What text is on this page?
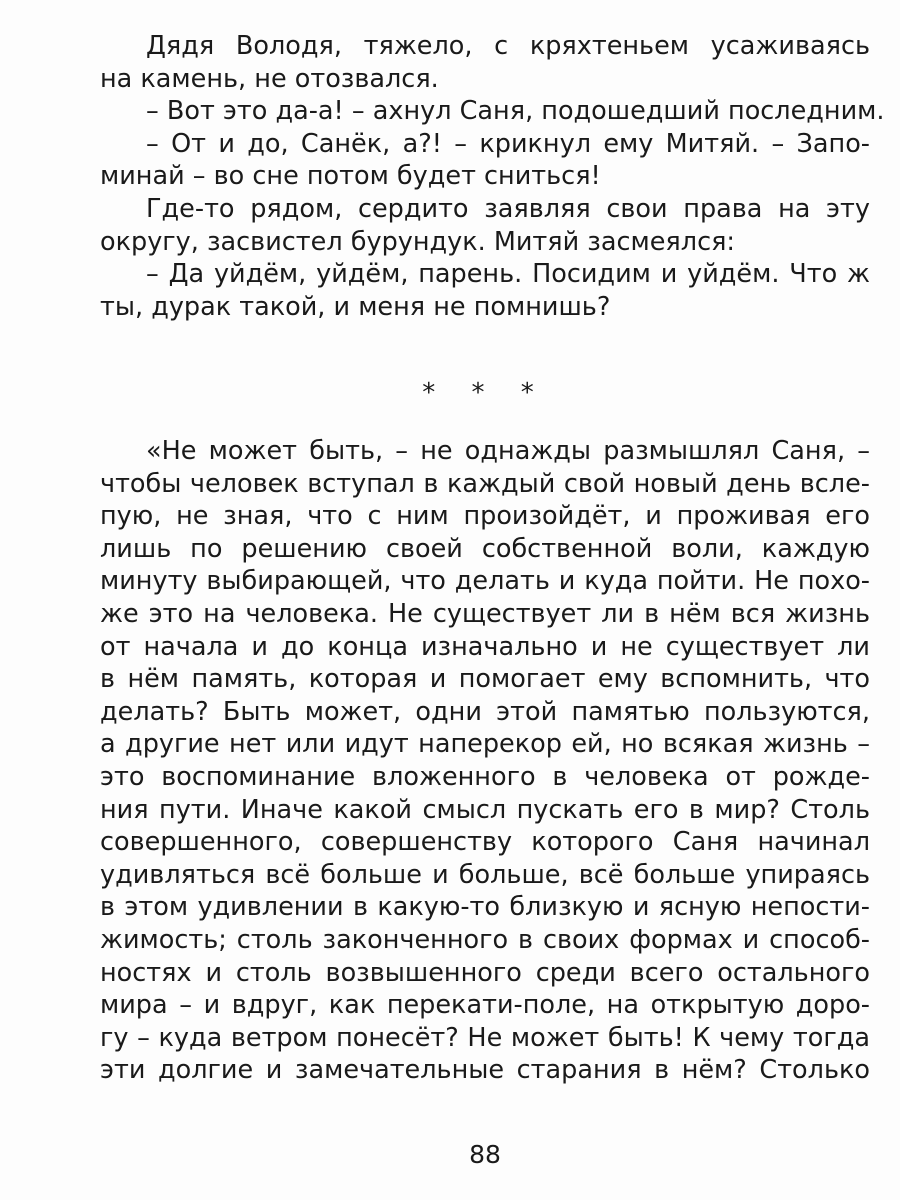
Дядя Володя, тяжело, с кряхтеньем усаживаясь
на камень, не отозвался.
– Вот это да-а! – ахнул Саня, подошедший последним.
– От и до, Санёк, а?! – крикнул ему Митяй. – Запо-
минай – во сне потом будет сниться!
Где-то рядом, сердито заявляя свои права на эту
округу, засвистел бурундук. Митяй засмеялся:
– Да уйдём, уйдём, парень. Посидим и уйдём. Что ж
ты, дурак такой, и меня не помнишь?
* * *
«Не может быть, – не однажды размышлял Саня, –
чтобы человек вступал в каждый свой новый день всле-
пую, не зная, что с ним произойдёт, и проживая его
лишь по решению своей собственной воли, каждую
минуту выбирающей, что делать и куда пойти. Не похо-
же это на человека. Не существует ли в нём вся жизнь
от начала и до конца изначально и не существует ли
в нём память, которая и помогает ему вспомнить, что
делать? Быть может, одни этой памятью пользуются,
а другие нет или идут наперекор ей, но всякая жизнь –
это воспоминание вложенного в человека от рожде-
ния пути. Иначе какой смысл пускать его в мир? Столь
совершенного, совершенству которого Саня начинал
удивляться всё больше и больше, всё больше упираясь
в этом удивлении в какую-то близкую и ясную непости-
жимость; столь законченного в своих формах и способ-
ностях и столь возвышенного среди всего остального
мира – и вдруг, как перекати-поле, на открытую доро-
гу – куда ветром понесёт? Не может быть! К чему тогда
эти долгие и замечательные старания в нём? Столько
88
